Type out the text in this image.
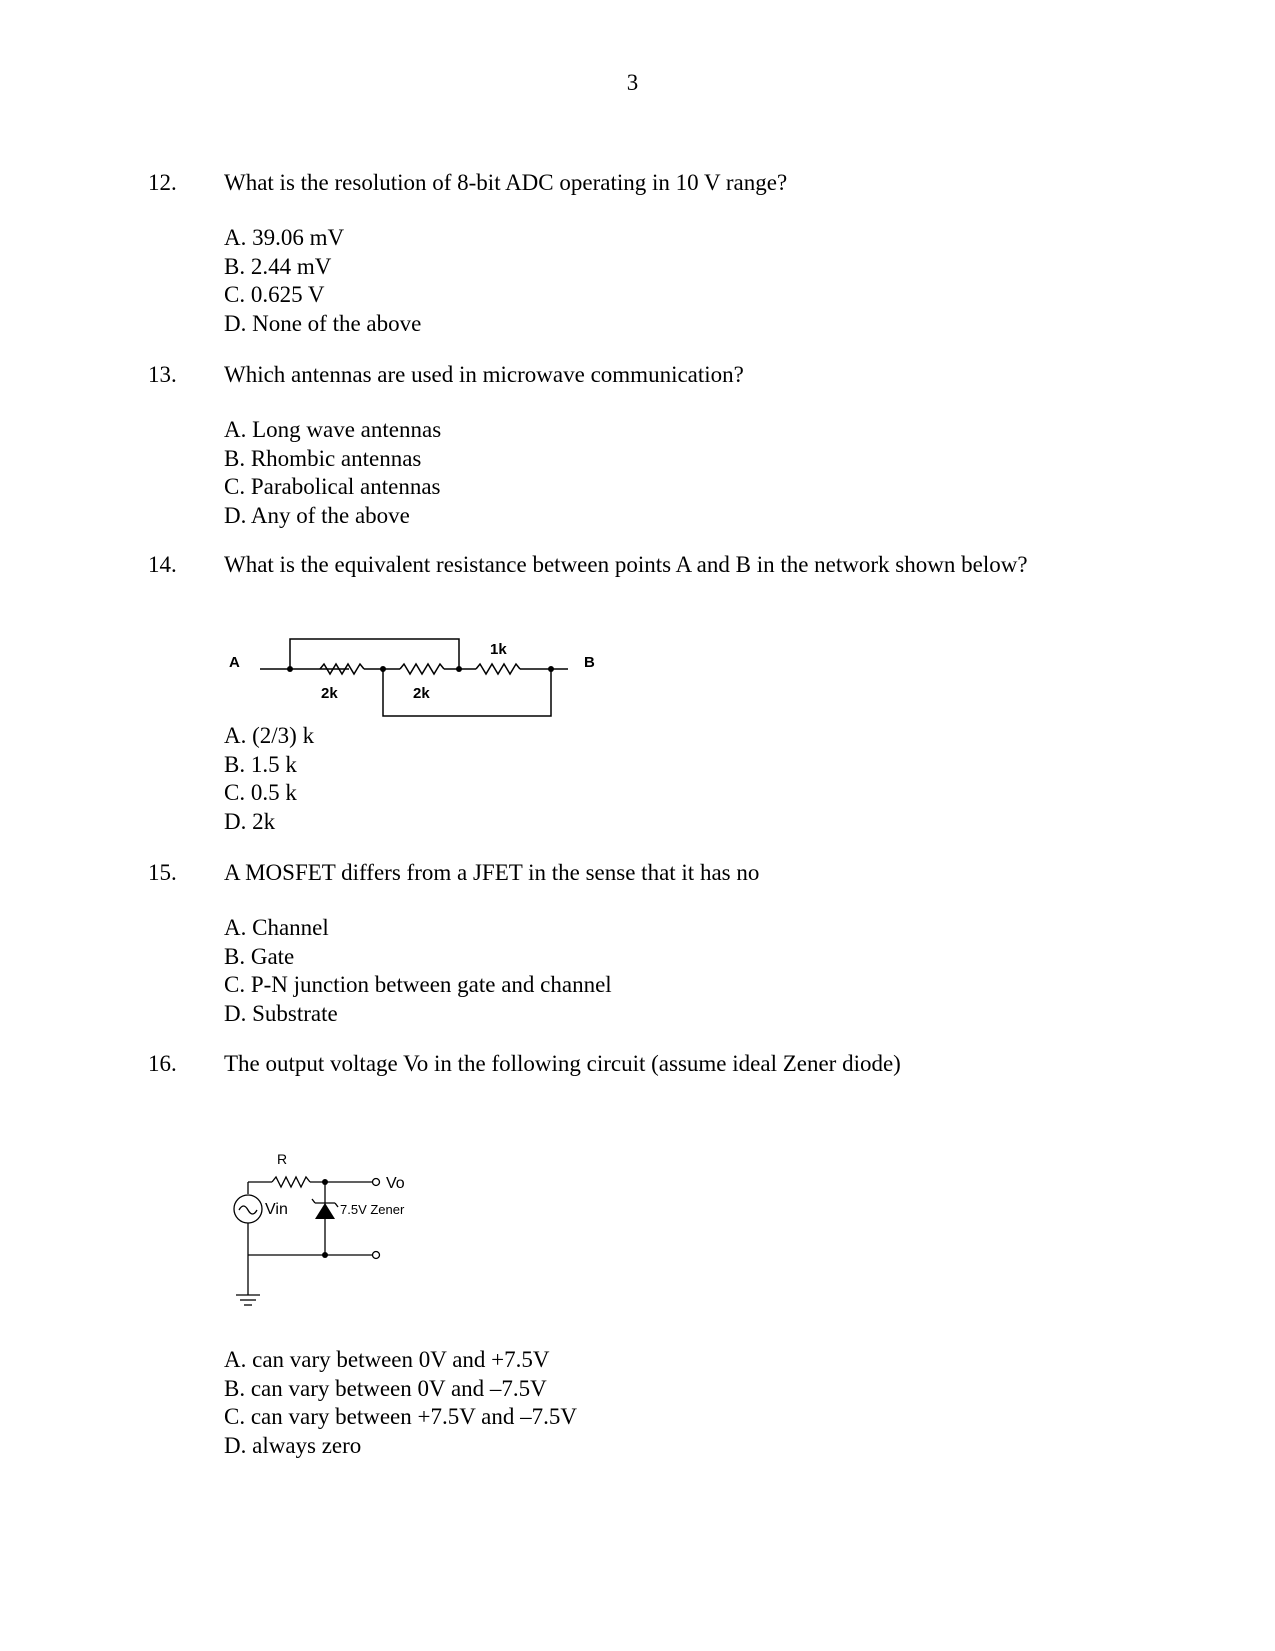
3
12. What is the resolution of 8-bit ADC operating in 10 V range?
A. 39.06 mV
B. 2.44 mV
C. 0.625 V
D. None of the above
13. Which antennas are used in microwave communication?
A. Long wave antennas
B. Rhombic antennas
C. Parabolical antennas
D. Any of the above
14. What is the equivalent resistance between points A and B in the network shown below?
A. (2/3) k
B. 1.5 k
C. 0.5 k
D. 2k
A	B
2k	2k
1k
15. A MOSFET differs from a JFET in the sense that it has no
A. Channel
B. Gate
C. P-N junction between gate and channel
D. Substrate
16. The output voltage Vo in the following circuit (assume ideal Zener diode)
A. can vary between 0V and +7.5V
B. can vary between 0V and –7.5V
C. can vary between +7.5V and –7.5V
D. always zero
R
Vo
Vin	7.5V Zener
